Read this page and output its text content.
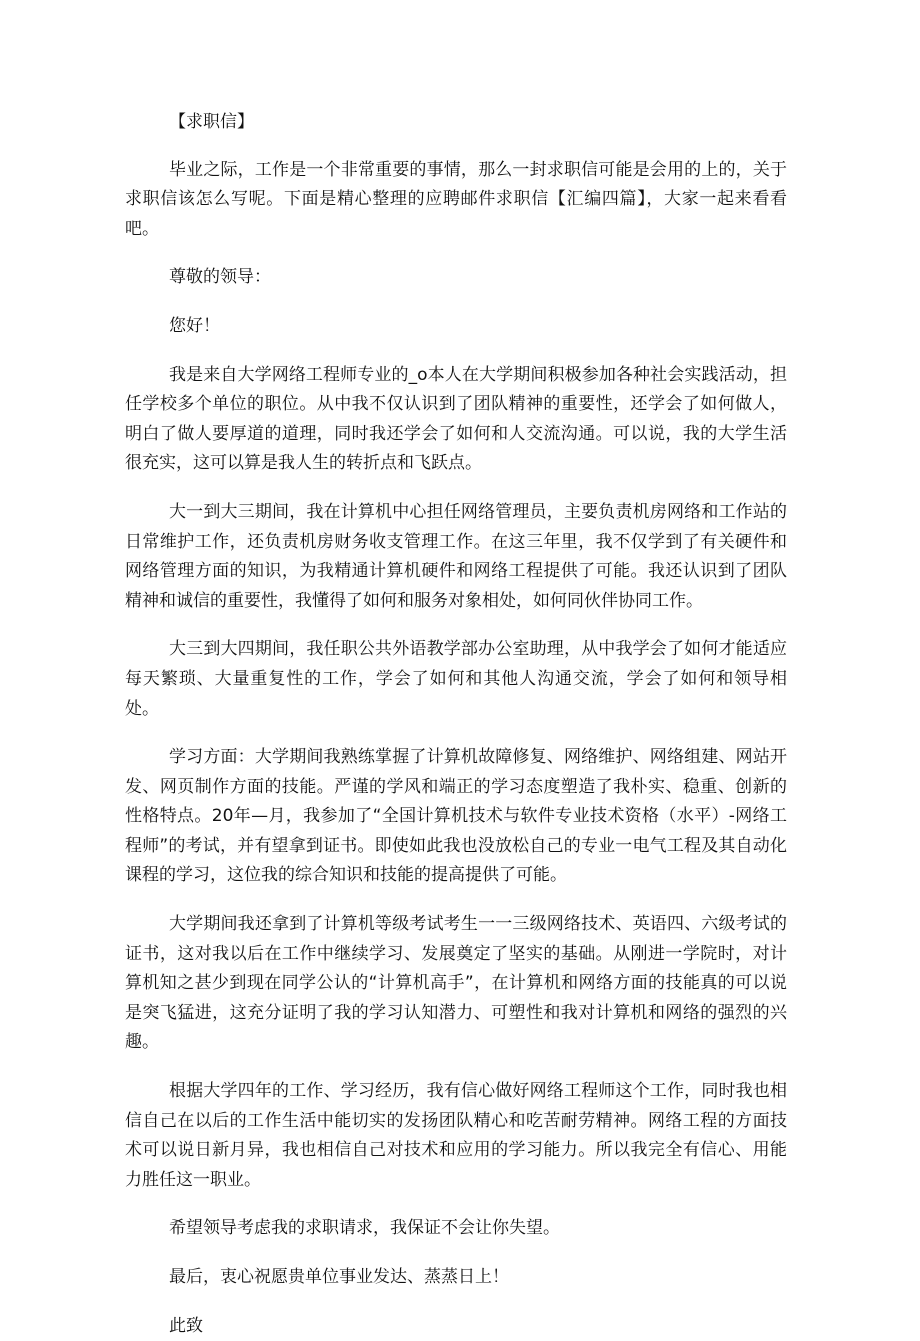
【求职信】

毕业之际，工作是一个非常重要的事情，那么一封求职信可能是会用的上的，关于求职信该怎么写呢。下面是精心整理的应聘邮件求职信【汇编四篇】，大家一起来看看吧。

尊敬的领导：

您好！

我是来自大学网络工程师专业的_o本人在大学期间积极参加各种社会实践活动，担任学校多个单位的职位。从中我不仅认识到了团队精神的重要性，还学会了如何做人，明白了做人要厚道的道理，同时我还学会了如何和人交流沟通。可以说，我的大学生活很充实，这可以算是我人生的转折点和飞跃点。

大一到大三期间，我在计算机中心担任网络管理员，主要负责机房网络和工作站的日常维护工作，还负责机房财务收支管理工作。在这三年里，我不仅学到了有关硬件和网络管理方面的知识，为我精通计算机硬件和网络工程提供了可能。我还认识到了团队精神和诚信的重要性，我懂得了如何和服务对象相处，如何同伙伴协同工作。

大三到大四期间，我任职公共外语教学部办公室助理，从中我学会了如何才能适应每天繁琐、大量重复性的工作，学会了如何和其他人沟通交流，学会了如何和领导相处。

学习方面：大学期间我熟练掌握了计算机故障修复、网络维护、网络组建、网站开发、网页制作方面的技能。严谨的学风和端正的学习态度塑造了我朴实、稳重、创新的性格特点。20年—月，我参加了“全国计算机技术与软件专业技术资格（水平）-网络工程师”的考试，并有望拿到证书。即使如此我也没放松自己的专业一电气工程及其自动化课程的学习，这位我的综合知识和技能的提高提供了可能。

大学期间我还拿到了计算机等级考试考生一一三级网络技术、英语四、六级考试的证书，这对我以后在工作中继续学习、发展奠定了坚实的基础。从刚进一学院时，对计算机知之甚少到现在同学公认的“计算机高手”，在计算机和网络方面的技能真的可以说是突飞猛进，这充分证明了我的学习认知潜力、可塑性和我对计算机和网络的强烈的兴趣。

根据大学四年的工作、学习经历，我有信心做好网络工程师这个工作，同时我也相信自己在以后的工作生活中能切实的发扬团队精心和吃苦耐劳精神。网络工程的方面技术可以说日新月异，我也相信自己对技术和应用的学习能力。所以我完全有信心、用能力胜任这一职业。

希望领导考虑我的求职请求，我保证不会让你失望。

最后，衷心祝愿贵单位事业发达、蒸蒸日上！

此致
